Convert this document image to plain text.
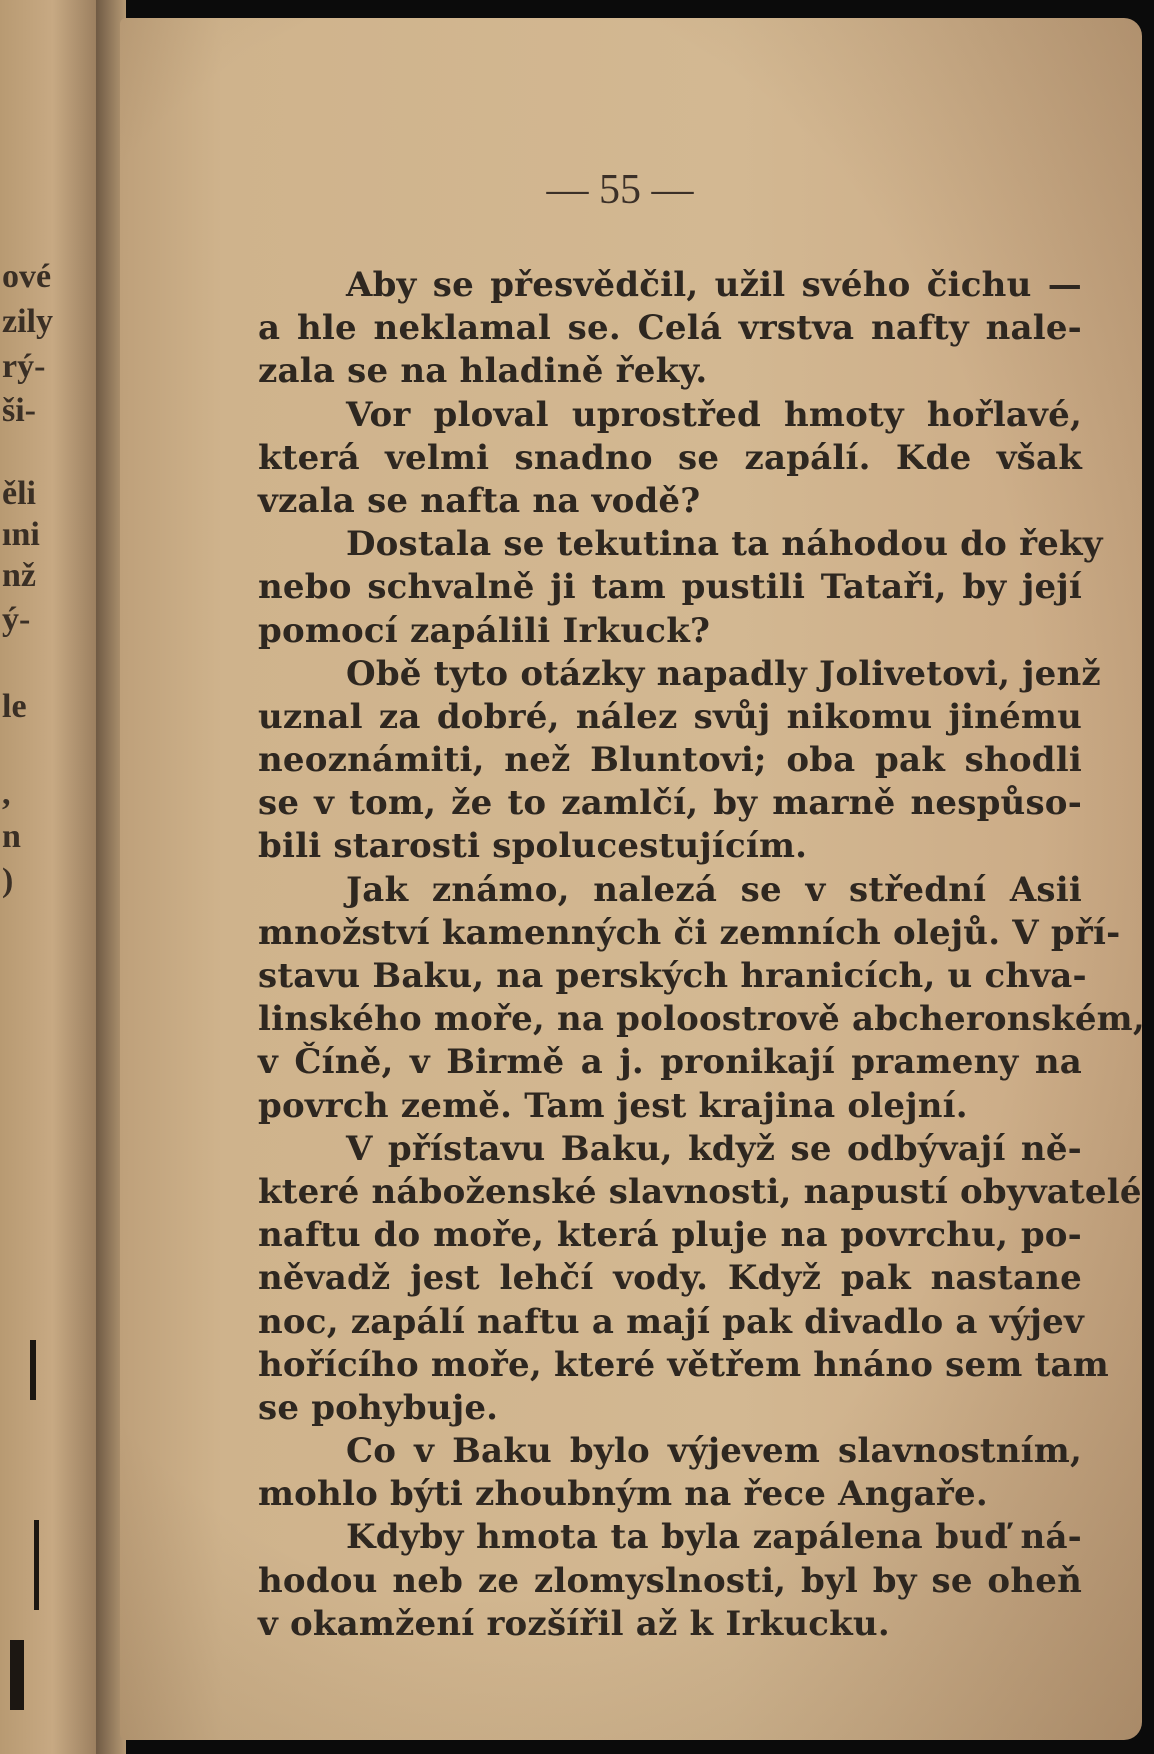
ové
zily
rý-
ši-
ěli
ıni
nž
ý-
le
,
n
)
— 55 —
Aby se přesvědčil, užil svého čichu —
a hle neklamal se. Celá vrstva nafty nale-
zala se na hladině řeky.
Vor ploval uprostřed hmoty hořlavé,
která velmi snadno se zapálí. Kde však
vzala se nafta na vodě?
Dostala se tekutina ta náhodou do řeky
nebo schvalně ji tam pustili Tataři, by její
pomocí zapálili Irkuck?
Obě tyto otázky napadly Jolivetovi, jenž
uznal za dobré, nález svůj nikomu jinému
neoznámiti, než Bluntovi; oba pak shodli
se v tom, že to zamlčí, by marně nespůso-
bili starosti spolucestujícím.
Jak známo, nalezá se v střední Asii
množství kamenných či zemních olejů. V pří-
stavu Baku, na perských hranicích, u chva-
linského moře, na poloostrově abcheronském,
v Číně, v Birmě a j. pronikají prameny na
povrch země. Tam jest krajina olejní.
V přístavu Baku, když se odbývají ně-
které náboženské slavnosti, napustí obyvatelé
naftu do moře, která pluje na povrchu, po-
něvadž jest lehčí vody. Když pak nastane
noc, zapálí naftu a mají pak divadlo a výjev
hořícího moře, které větřem hnáno sem tam
se pohybuje.
Co v Baku bylo výjevem slavnostním,
mohlo býti zhoubným na řece Angaře.
Kdyby hmota ta byla zapálena buď ná-
hodou neb ze zlomyslnosti, byl by se oheň
v okamžení rozšířil až k Irkucku.
